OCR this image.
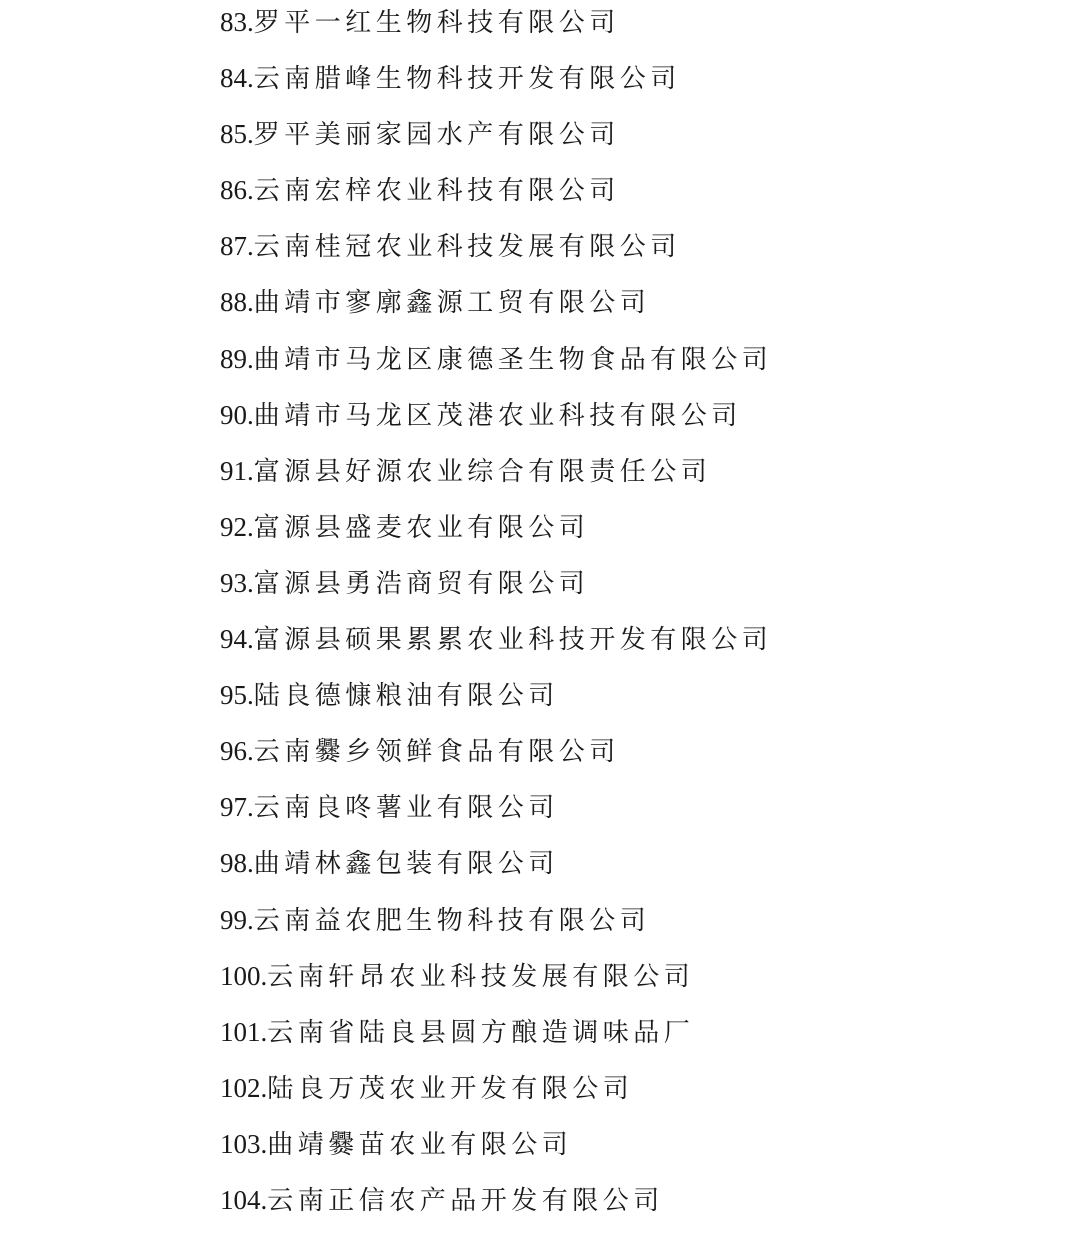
83.罗平一红生物科技有限公司
84.云南腊峰生物科技开发有限公司
85.罗平美丽家园水产有限公司
86.云南宏梓农业科技有限公司
87.云南桂冠农业科技发展有限公司
88.曲靖市寥廓鑫源工贸有限公司
89.曲靖市马龙区康德圣生物食品有限公司
90.曲靖市马龙区茂港农业科技有限公司
91.富源县好源农业综合有限责任公司
92.富源县盛麦农业有限公司
93.富源县勇浩商贸有限公司
94.富源县硕果累累农业科技开发有限公司
95.陆良德慷粮油有限公司
96.云南爨乡领鲜食品有限公司
97.云南良咚薯业有限公司
98.曲靖林鑫包装有限公司
99.云南益农肥生物科技有限公司
100.云南轩昂农业科技发展有限公司
101.云南省陆良县圆方酿造调味品厂
102.陆良万茂农业开发有限公司
103.曲靖爨苗农业有限公司
104.云南正信农产品开发有限公司
